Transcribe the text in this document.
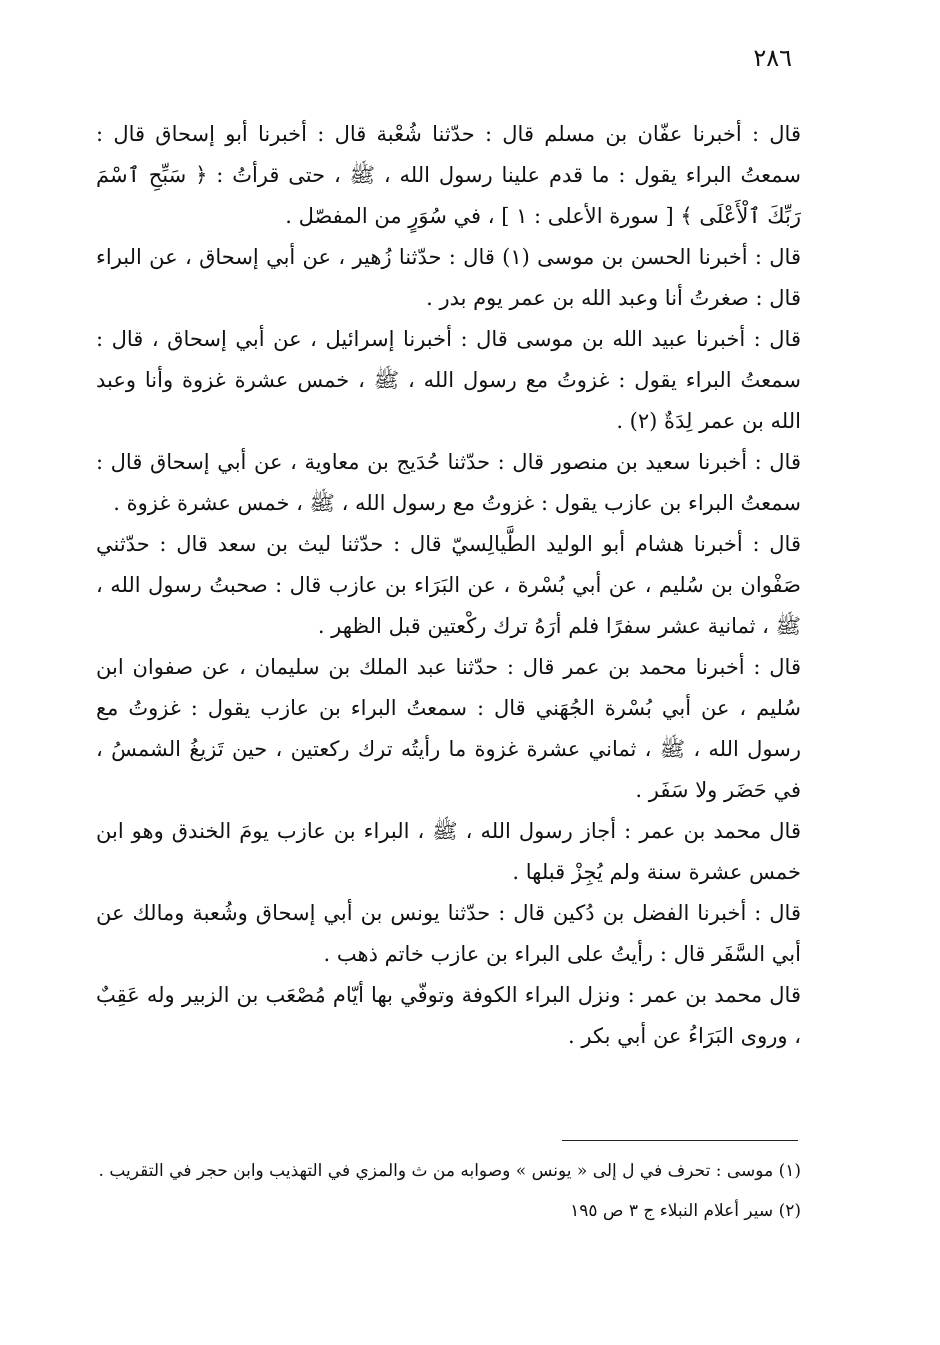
٢٨٦

قال : أخبرنا عفّان بن مسلم قال : حدّثنا شُعْبة قال : أخبرنا أبو إسحاق قال : سمعتُ البراء يقول : ما قدم علينا رسول الله ، ﷺ ، حتى قرأتُ : ﴿ سَبِّحِ ٱسْمَ رَبِّكَ ٱلْأَعْلَى ﴾ [ سورة الأعلى : ١ ] ، في سُوَرٍ من المفصّل .

قال : أخبرنا الحسن بن موسى (١) قال : حدّثنا زُهير ، عن أبي إسحاق ، عن البراء قال : صغرتُ أنا وعبد الله بن عمر يوم بدر .

قال : أخبرنا عبيد الله بن موسى قال : أخبرنا إسرائيل ، عن أبي إسحاق ، قال : سمعتُ البراء يقول : غزوتُ مع رسول الله ، ﷺ ، خمس عشرة غزوة وأنا وعبد الله بن عمر لِدَةٌ (٢) .

قال : أخبرنا سعيد بن منصور قال : حدّثنا حُدَيج بن معاوية ، عن أبي إسحاق قال : سمعتُ البراء بن عازب يقول : غزوتُ مع رسول الله ، ﷺ ، خمس عشرة غزوة .

قال : أخبرنا هشام أبو الوليد الطَّيالِسيّ قال : حدّثنا ليث بن سعد قال : حدّثني صَفْوان بن سُليم ، عن أبي بُسْرة ، عن البَرَاء بن عازب قال : صحبتُ رسول الله ، ﷺ ، ثمانية عشر سفرًا فلم أرَهُ ترك ركْعتين قبل الظهر .

قال : أخبرنا محمد بن عمر قال : حدّثنا عبد الملك بن سليمان ، عن صفوان ابن سُليم ، عن أبي بُسْرة الجُهَني قال : سمعتُ البراء بن عازب يقول : غزوتُ مع رسول الله ، ﷺ ، ثماني عشرة غزوة ما رأيتُه ترك ركعتين ، حين تَزيغُ الشمسُ ، في حَضَر ولا سَفَر .

قال محمد بن عمر : أجاز رسول الله ، ﷺ ، البراء بن عازب يومَ الخندق وهو ابن خمس عشرة سنة ولم يُجِزْ قبلها .

قال : أخبرنا الفضل بن دُكين قال : حدّثنا يونس بن أبي إسحاق وشُعبة ومالك عن أبي السَّفَر قال : رأيتُ على البراء بن عازب خاتم ذهب .

قال محمد بن عمر : ونزل البراء الكوفة وتوفّي بها أيّام مُصْعَب بن الزبير وله عَقِبٌ ، وروى البَرَاءُ عن أبي بكر .

(١) موسى : تحرف في ل إلى « يونس » وصوابه من ث والمزي في التهذيب وابن حجر في التقريب .

(٢) سير أعلام النبلاء ج ٣ ص ١٩٥
